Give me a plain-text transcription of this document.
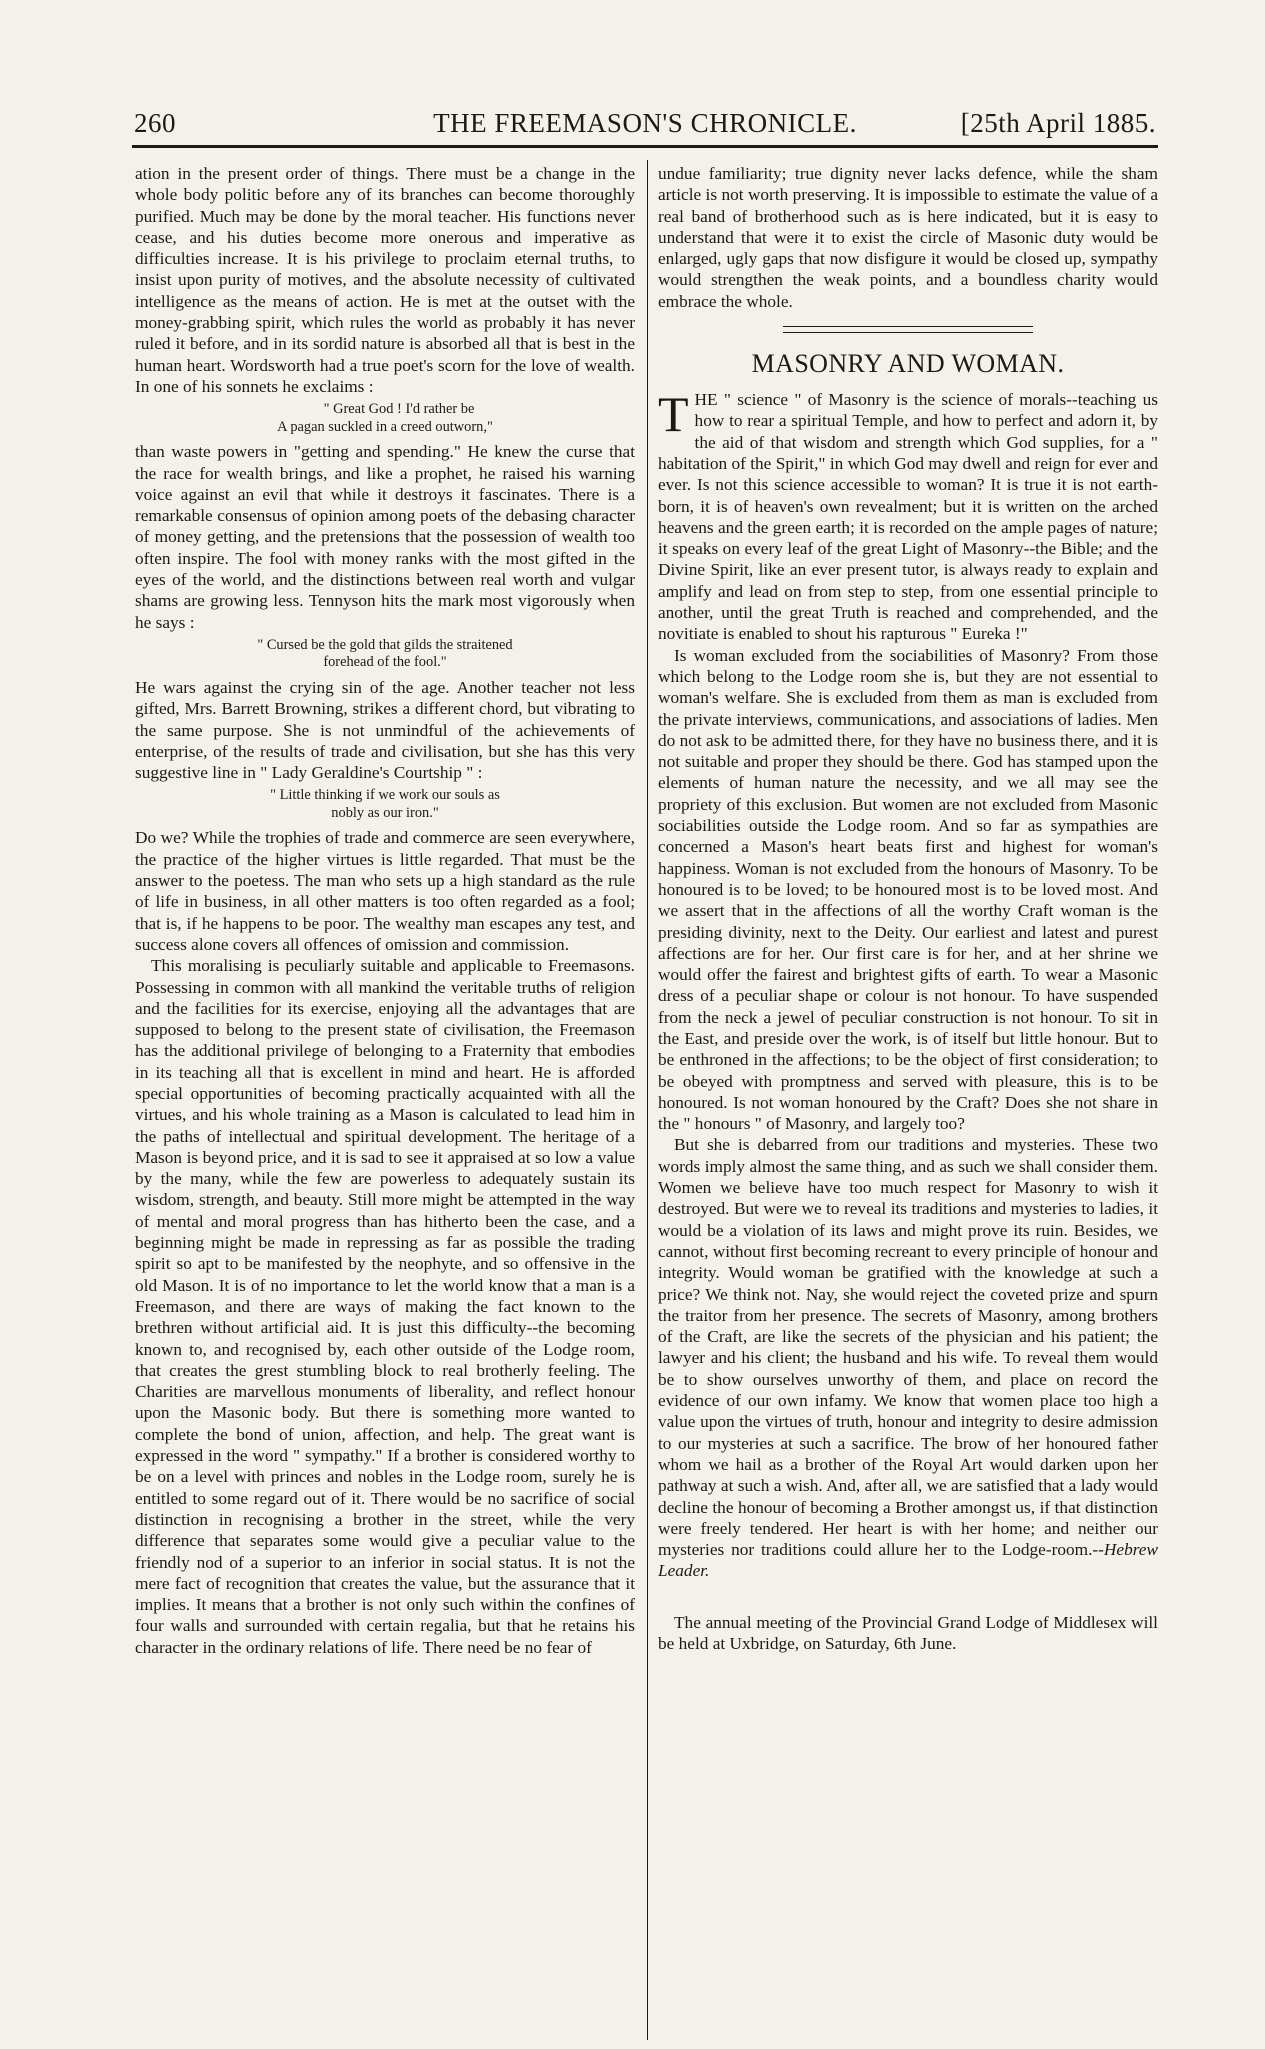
260	THE FREEMASON'S CHRONICLE.	[25th April 1885.

ation in the present order of things. There must be a change in the whole body politic before any of its branches can become thoroughly purified. Much may be done by the moral teacher. His functions never cease, and his duties become more onerous and imperative as difficulties increase. It is his privilege to proclaim eternal truths, to insist upon purity of motives, and the absolute necessity of cultivated intelligence as the means of action. He is met at the outset with the money-grabbing spirit, which rules the world as probably it has never ruled it before, and in its sordid nature is absorbed all that is best in the human heart. Wordsworth had a true poet's scorn for the love of wealth. In one of his sonnets he exclaims :

" Great God ! I'd rather be
A pagan suckled in a creed outworn,"

than waste powers in "getting and spending." He knew the curse that the race for wealth brings, and like a prophet, he raised his warning voice against an evil that while it destroys it fascinates. There is a remarkable consensus of opinion among poets of the debasing character of money getting, and the pretensions that the possession of wealth too often inspire. The fool with money ranks with the most gifted in the eyes of the world, and the distinctions between real worth and vulgar shams are growing less. Tennyson hits the mark most vigorously when he says :

" Cursed be the gold that gilds the straitened
forehead of the fool."

He wars against the crying sin of the age. Another teacher not less gifted, Mrs. Barrett Browning, strikes a different chord, but vibrating to the same purpose. She is not unmindful of the achievements of enterprise, of the results of trade and civilisation, but she has this very suggestive line in " Lady Geraldine's Courtship " :

" Little thinking if we work our souls as
nobly as our iron."

Do we? While the trophies of trade and commerce are seen everywhere, the practice of the higher virtues is little regarded. That must be the answer to the poetess. The man who sets up a high standard as the rule of life in business, in all other matters is too often regarded as a fool; that is, if he happens to be poor. The wealthy man escapes any test, and success alone covers all offences of omission and commission.

This moralising is peculiarly suitable and applicable to Freemasons. Possessing in common with all mankind the veritable truths of religion and the facilities for its exercise, enjoying all the advantages that are supposed to belong to the present state of civilisation, the Freemason has the additional privilege of belonging to a Fraternity that embodies in its teaching all that is excellent in mind and heart. He is afforded special opportunities of becoming practically acquainted with all the virtues, and his whole training as a Mason is calculated to lead him in the paths of intellectual and spiritual development. The heritage of a Mason is beyond price, and it is sad to see it appraised at so low a value by the many, while the few are powerless to adequately sustain its wisdom, strength, and beauty. Still more might be attempted in the way of mental and moral progress than has hitherto been the case, and a beginning might be made in repressing as far as possible the trading spirit so apt to be manifested by the neophyte, and so offensive in the old Mason. It is of no importance to let the world know that a man is a Freemason, and there are ways of making the fact known to the brethren without artificial aid. It is just this difficulty--the becoming known to, and recognised by, each other outside of the Lodge room, that creates the grest stumbling block to real brotherly feeling. The Charities are marvellous monuments of liberality, and reflect honour upon the Masonic body. But there is something more wanted to complete the bond of union, affection, and help. The great want is expressed in the word " sympathy." If a brother is considered worthy to be on a level with princes and nobles in the Lodge room, surely he is entitled to some regard out of it. There would be no sacrifice of social distinction in recognising a brother in the street, while the very difference that separates some would give a peculiar value to the friendly nod of a superior to an inferior in social status. It is not the mere fact of recognition that creates the value, but the assurance that it implies. It means that a brother is not only such within the confines of four walls and surrounded with certain regalia, but that he retains his character in the ordinary relations of life. There need be no fear of

undue familiarity; true dignity never lacks defence, while the sham article is not worth preserving. It is impossible to estimate the value of a real band of brotherhood such as is here indicated, but it is easy to understand that were it to exist the circle of Masonic duty would be enlarged, ugly gaps that now disfigure it would be closed up, sympathy would strengthen the weak points, and a boundless charity would embrace the whole.

MASONRY AND WOMAN.

THE " science " of Masonry is the science of morals--teaching us how to rear a spiritual Temple, and how to perfect and adorn it, by the aid of that wisdom and strength which God supplies, for a " habitation of the Spirit," in which God may dwell and reign for ever and ever. Is not this science accessible to woman? It is true it is not earth-born, it is of heaven's own revealment; but it is written on the arched heavens and the green earth; it is recorded on the ample pages of nature; it speaks on every leaf of the great Light of Masonry--the Bible; and the Divine Spirit, like an ever present tutor, is always ready to explain and amplify and lead on from step to step, from one essential principle to another, until the great Truth is reached and comprehended, and the novitiate is enabled to shout his rapturous " Eureka !"

Is woman excluded from the sociabilities of Masonry? From those which belong to the Lodge room she is, but they are not essential to woman's welfare. She is excluded from them as man is excluded from the private interviews, communications, and associations of ladies. Men do not ask to be admitted there, for they have no business there, and it is not suitable and proper they should be there. God has stamped upon the elements of human nature the necessity, and we all may see the propriety of this exclusion. But women are not excluded from Masonic sociabilities outside the Lodge room. And so far as sympathies are concerned a Mason's heart beats first and highest for woman's happiness. Woman is not excluded from the honours of Masonry. To be honoured is to be loved; to be honoured most is to be loved most. And we assert that in the affections of all the worthy Craft woman is the presiding divinity, next to the Deity. Our earliest and latest and purest affections are for her. Our first care is for her, and at her shrine we would offer the fairest and brightest gifts of earth. To wear a Masonic dress of a peculiar shape or colour is not honour. To have suspended from the neck a jewel of peculiar construction is not honour. To sit in the East, and preside over the work, is of itself but little honour. But to be enthroned in the affections; to be the object of first consideration; to be obeyed with promptness and served with pleasure, this is to be honoured. Is not woman honoured by the Craft? Does she not share in the " honours " of Masonry, and largely too?

But she is debarred from our traditions and mysteries. These two words imply almost the same thing, and as such we shall consider them. Women we believe have too much respect for Masonry to wish it destroyed. But were we to reveal its traditions and mysteries to ladies, it would be a violation of its laws and might prove its ruin. Besides, we cannot, without first becoming recreant to every principle of honour and integrity. Would woman be gratified with the knowledge at such a price? We think not. Nay, she would reject the coveted prize and spurn the traitor from her presence. The secrets of Masonry, among brothers of the Craft, are like the secrets of the physician and his patient; the lawyer and his client; the husband and his wife. To reveal them would be to show ourselves unworthy of them, and place on record the evidence of our own infamy. We know that women place too high a value upon the virtues of truth, honour and integrity to desire admission to our mysteries at such a sacrifice. The brow of her honoured father whom we hail as a brother of the Royal Art would darken upon her pathway at such a wish. And, after all, we are satisfied that a lady would decline the honour of becoming a Brother amongst us, if that distinction were freely tendered. Her heart is with her home; and neither our mysteries nor traditions could allure her to the Lodge-room.--Hebrew Leader.

The annual meeting of the Provincial Grand Lodge of Middlesex will be held at Uxbridge, on Saturday, 6th June.
